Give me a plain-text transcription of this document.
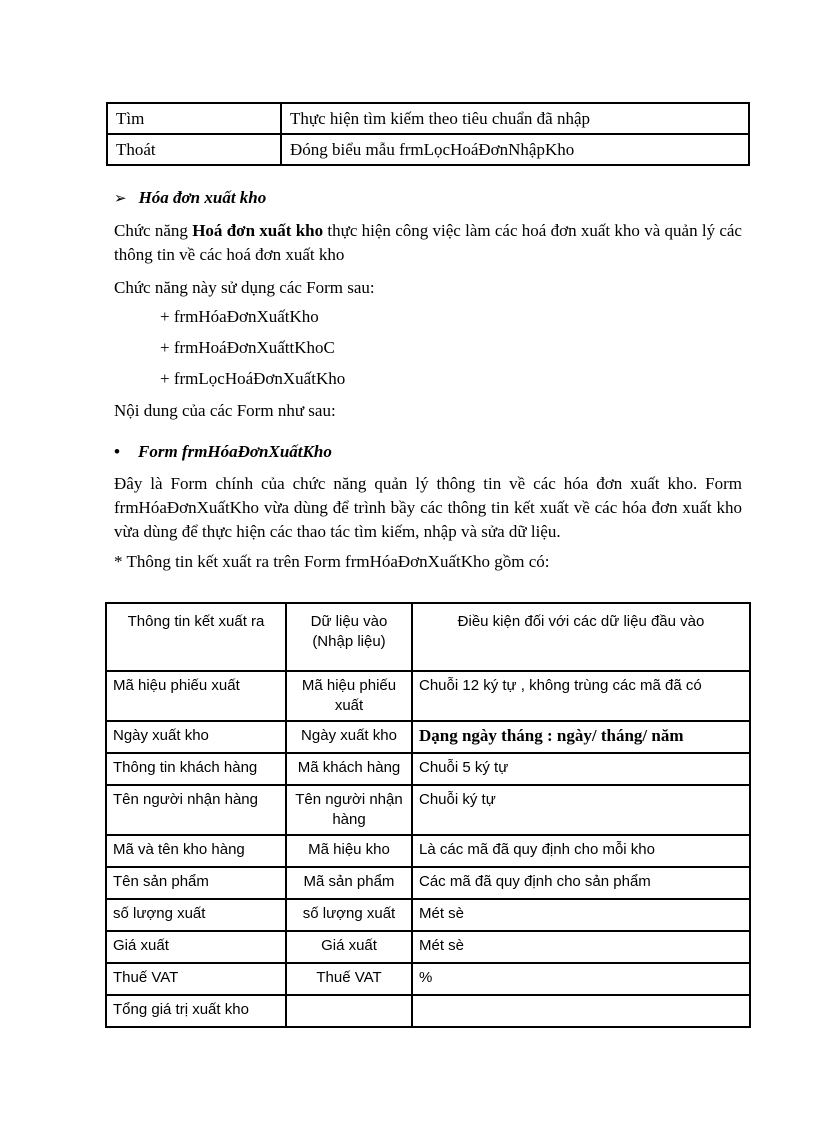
Tìm	Thực hiện tìm kiếm theo tiêu chuẩn đã nhập
Thoát	Đóng biểu mẫu frmLọcHoáĐơnNhậpKho
➢ Hóa đơn xuất kho
Chức năng Hoá đơn xuất kho thực hiện công việc làm các hoá đơn xuất kho và quản lý các thông tin về các hoá đơn xuất kho
Chức năng này sử dụng các Form sau:
+ frmHóaĐơnXuấtKho
+ frmHoáĐơnXuấttKhoC
+ frmLọcHoáĐơnXuấtKho
Nội dung của các Form như sau:
• Form frmHóaĐơnXuấtKho
Đây là Form chính của chức năng quản lý thông tin về các hóa đơn xuất kho. Form frmHóaĐơnXuấtKho vừa dùng để trình bầy các thông tin kết xuất về các hóa đơn xuất kho vừa dùng để thực hiện các thao tác tìm kiếm, nhập và sửa dữ liệu.
* Thông tin kết xuất ra trên Form frmHóaĐơnXuấtKho gồm có:
Thông tin kết xuất ra	Dữ liệu vào (Nhập liệu)	Điều kiện đối với các dữ liệu đầu vào
Mã hiệu phiếu xuất	Mã hiệu phiếu xuất	Chuỗi 12 ký tự , không trùng các mã đã có
Ngày xuất kho	Ngày xuất kho	Dạng ngày tháng : ngày/ tháng/ năm
Thông tin khách hàng	Mã khách hàng	Chuỗi 5 ký tự
Tên người nhận hàng	Tên người nhận hàng	Chuỗi ký tự
Mã và tên kho hàng	Mã hiệu kho	Là các mã đã quy định cho mỗi kho
Tên sản phẩm	Mã sản phẩm	Các mã đã quy định cho sản phẩm
số lượng xuất	số lượng xuất	Mét sè
Giá xuất	Giá xuất	Mét sè
Thuế VAT	Thuế VAT	%
Tổng giá trị xuất kho		
